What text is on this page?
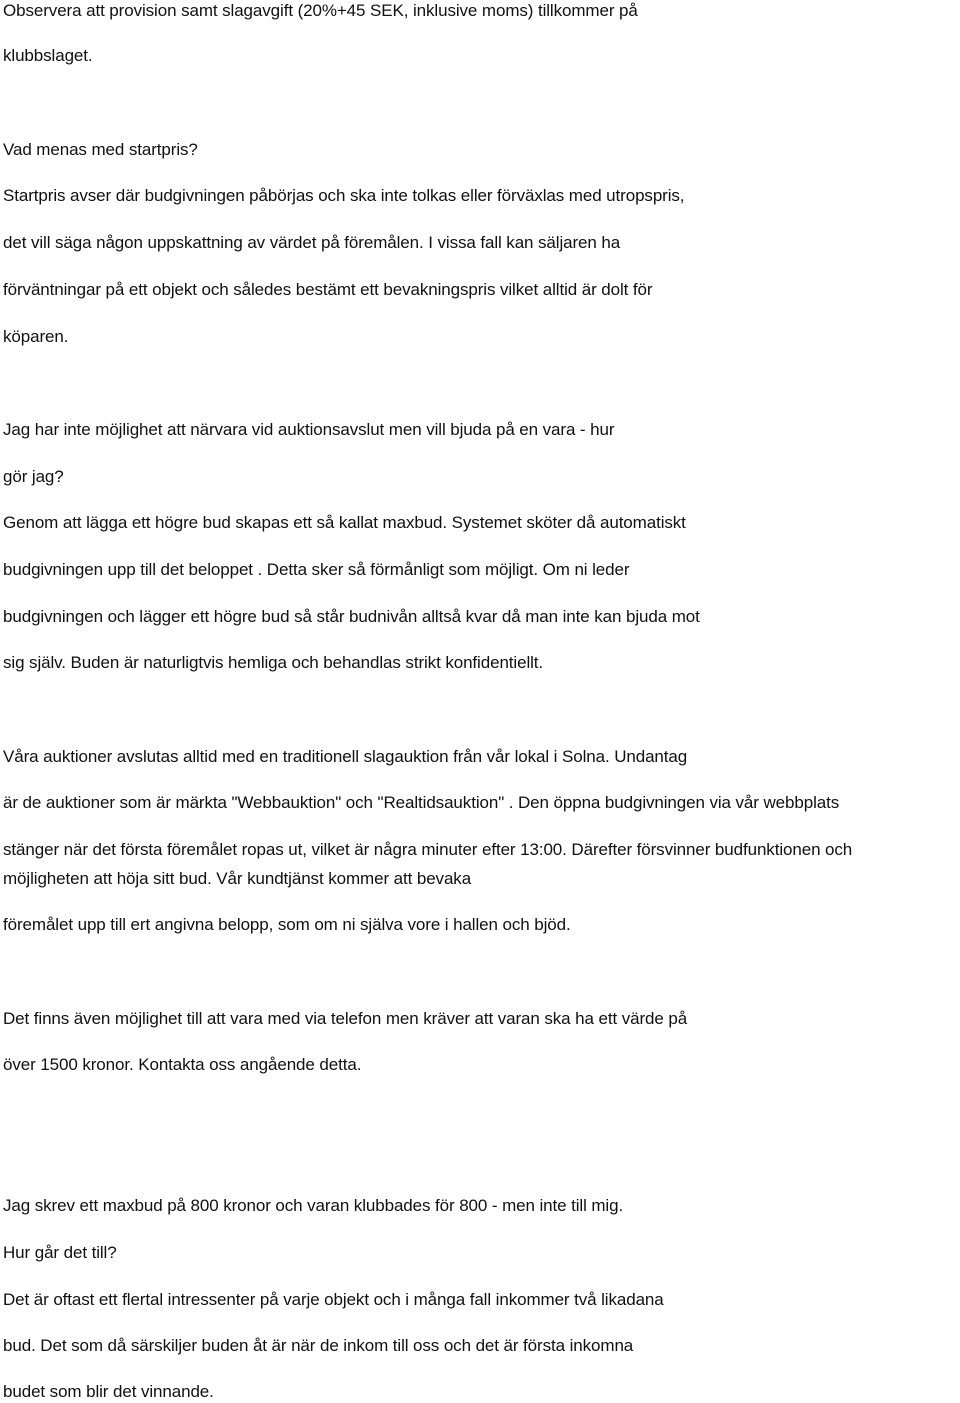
Observera att provision samt slagavgift (20%+45 SEK, inklusive moms) tillkommer på
klubbslaget.
Vad menas med startpris?
Startpris avser där budgivningen påbörjas och ska inte tolkas eller förväxlas med utropspris,
det vill säga någon uppskattning av värdet på föremålen. I vissa fall kan säljaren ha
förväntningar på ett objekt och således bestämt ett bevakningspris vilket alltid är dolt för
köparen.
Jag har inte möjlighet att närvara vid auktionsavslut men vill bjuda på en vara - hur
gör jag?
Genom att lägga ett högre bud skapas ett så kallat maxbud. Systemet sköter då automatiskt
budgivningen upp till det beloppet . Detta sker så förmånligt som möjligt. Om ni leder
budgivningen och lägger ett högre bud så står budnivån alltså kvar då man inte kan bjuda mot
sig själv. Buden är naturligtvis hemliga och behandlas strikt konfidentiellt.
Våra auktioner avslutas alltid med en traditionell slagauktion från vår lokal i Solna. Undantag
är de auktioner som är märkta "Webbauktion" och "Realtidsauktion" . Den öppna budgivningen via vår webbplats
stänger när det första föremålet ropas ut, vilket är några minuter efter 13:00. Därefter försvinner budfunktionen och
möjligheten att höja sitt bud. Vår kundtjänst kommer att bevaka
föremålet upp till ert angivna belopp, som om ni själva vore i hallen och bjöd.
Det finns även möjlighet till att vara med via telefon men kräver att varan ska ha ett värde på
över 1500 kronor. Kontakta oss angående detta.
Jag skrev ett maxbud på 800 kronor och varan klubbades för 800 - men inte till mig.
Hur går det till?
Det är oftast ett flertal intressenter på varje objekt och i många fall inkommer två likadana
bud. Det som då särskiljer buden åt är när de inkom till oss och det är första inkomna
budet som blir det vinnande.
